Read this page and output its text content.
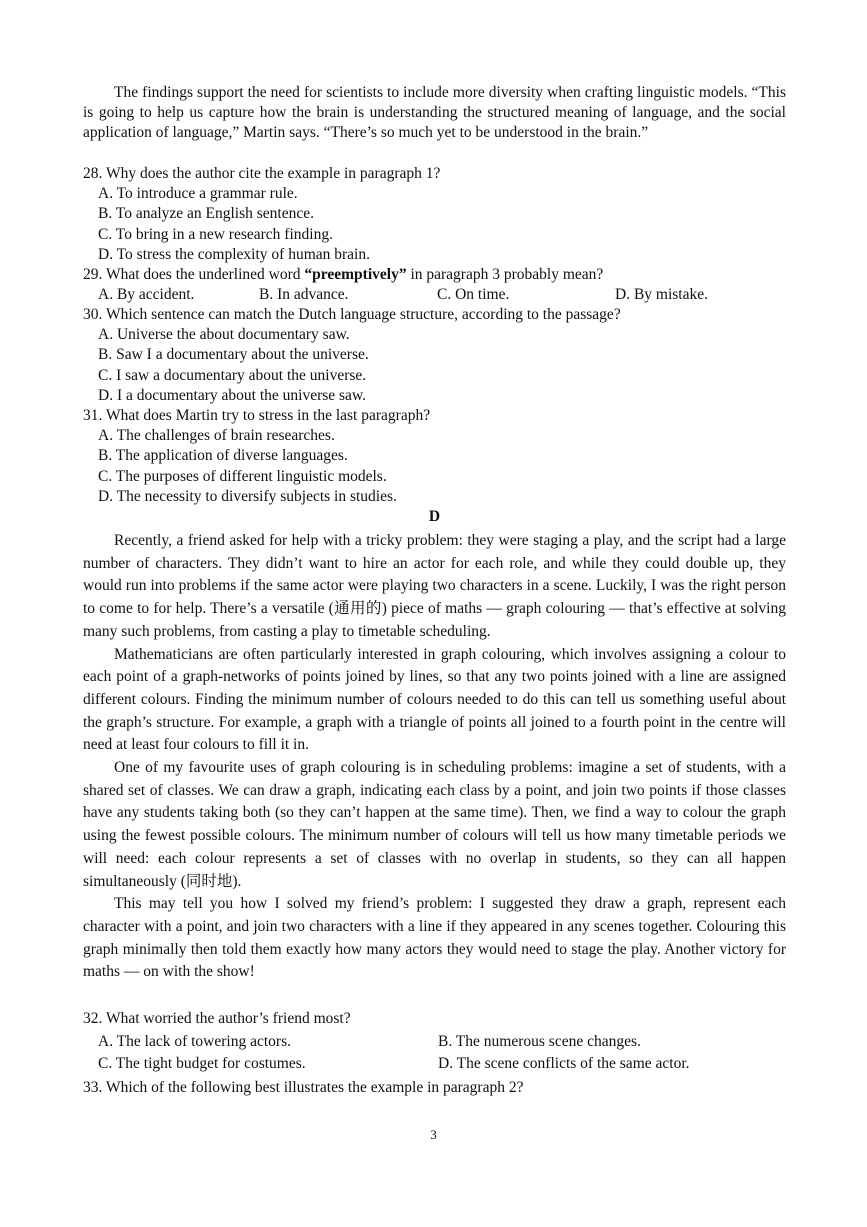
The findings support the need for scientists to include more diversity when crafting linguistic models. “This is going to help us capture how the brain is understanding the structured meaning of language, and the social application of language,” Martin says. “There’s so much yet to be understood in the brain.”

28. Why does the author cite the example in paragraph 1?

A. To introduce a grammar rule.

B. To analyze an English sentence.

C. To bring in a new research finding.

D. To stress the complexity of human brain.

29. What does the underlined word “preemptively” in paragraph 3 probably mean?

A. By accident.	B. In advance.	C. On time.	D. By mistake.

30. Which sentence can match the Dutch language structure, according to the passage?

A. Universe the about documentary saw.

B. Saw I a documentary about the universe.

C. I saw a documentary about the universe.

D. I a documentary about the universe saw.

31. What does Martin try to stress in the last paragraph?

A. The challenges of brain researches.

B. The application of diverse languages.

C. The purposes of different linguistic models.

D. The necessity to diversify subjects in studies.

D

Recently, a friend asked for help with a tricky problem: they were staging a play, and the script had a large number of characters. They didn’t want to hire an actor for each role, and while they could double up, they would run into problems if the same actor were playing two characters in a scene. Luckily, I was the right person to come to for help. There’s a versatile (通用的) piece of maths — graph colouring — that’s effective at solving many such problems, from casting a play to timetable scheduling.

Mathematicians are often particularly interested in graph colouring, which involves assigning a colour to each point of a graph-networks of points joined by lines, so that any two points joined with a line are assigned different colours. Finding the minimum number of colours needed to do this can tell us something useful about the graph’s structure. For example, a graph with a triangle of points all joined to a fourth point in the centre will need at least four colours to fill it in.

One of my favourite uses of graph colouring is in scheduling problems: imagine a set of students, with a shared set of classes. We can draw a graph, indicating each class by a point, and join two points if those classes have any students taking both (so they can’t happen at the same time). Then, we find a way to colour the graph using the fewest possible colours. The minimum number of colours will tell us how many timetable periods we will need: each colour represents a set of classes with no overlap in students, so they can all happen simultaneously (同时地).

This may tell you how I solved my friend’s problem: I suggested they draw a graph, represent each character with a point, and join two characters with a line if they appeared in any scenes together. Colouring this graph minimally then told them exactly how many actors they would need to stage the play. Another victory for maths — on with the show!

32. What worried the author’s friend most?

A. The lack of towering actors.	B. The numerous scene changes.
C. The tight budget for costumes.	D. The scene conflicts of the same actor.

33. Which of the following best illustrates the example in paragraph 2?

3
